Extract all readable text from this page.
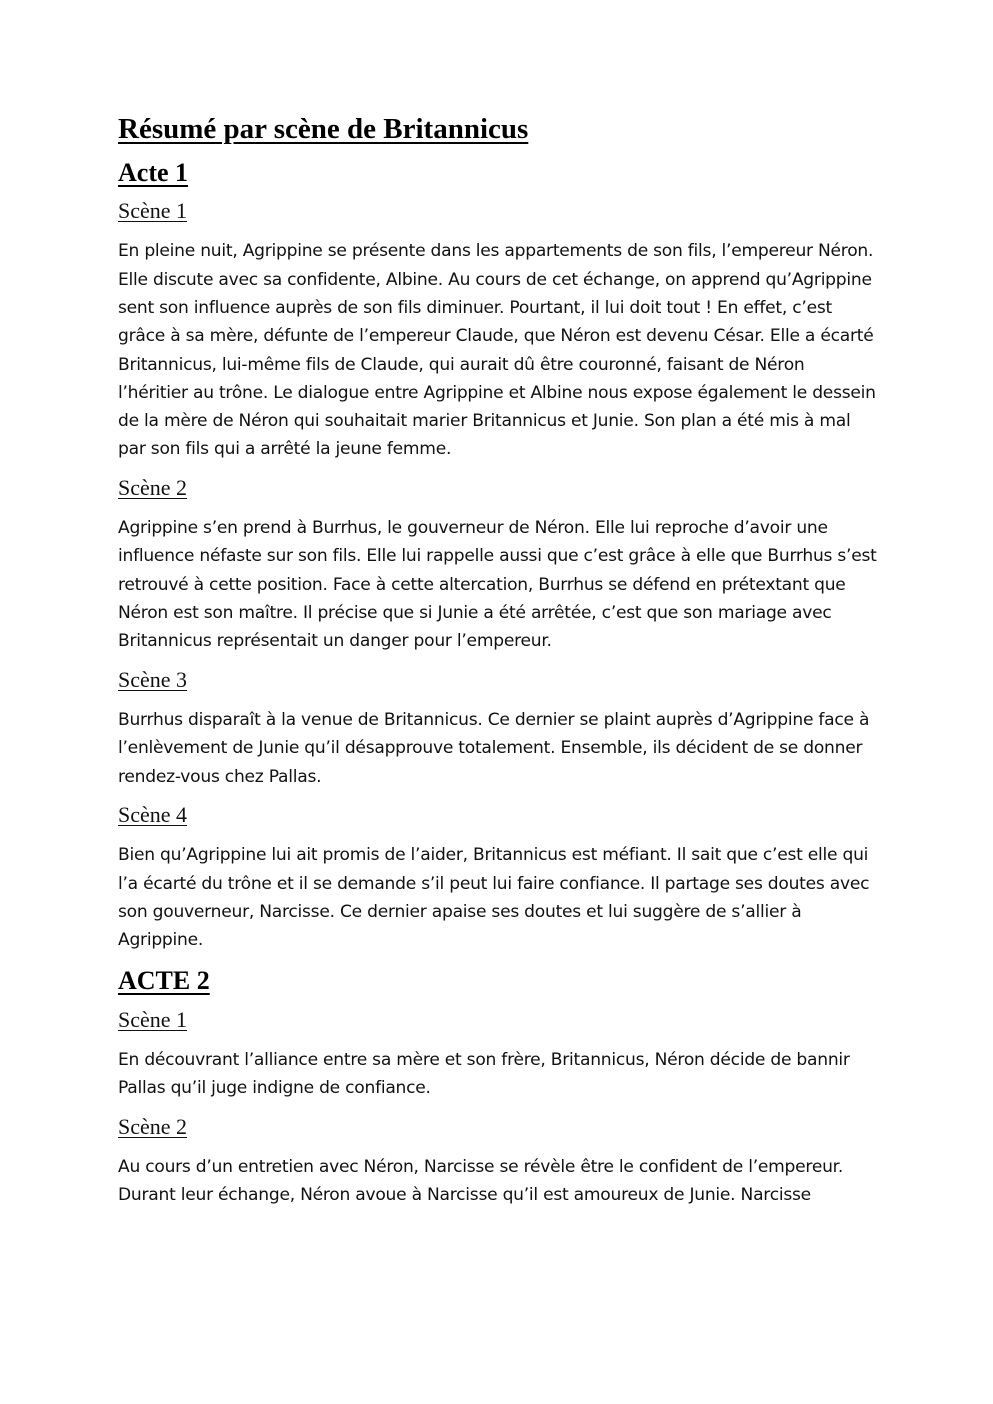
Résumé par scène de Britannicus
Acte 1
Scène 1

En pleine nuit, Agrippine se présente dans les appartements de son fils, l’empereur Néron. Elle discute avec sa confidente, Albine. Au cours de cet échange, on apprend qu’Agrippine sent son influence auprès de son fils diminuer. Pourtant, il lui doit tout ! En effet, c’est grâce à sa mère, défunte de l’empereur Claude, que Néron est devenu César. Elle a écarté Britannicus, lui-même fils de Claude, qui aurait dû être couronné, faisant de Néron l’héritier au trône. Le dialogue entre Agrippine et Albine nous expose également le dessein de la mère de Néron qui souhaitait marier Britannicus et Junie. Son plan a été mis à mal par son fils qui a arrêté la jeune femme.

Scène 2

Agrippine s’en prend à Burrhus, le gouverneur de Néron. Elle lui reproche d’avoir une influence néfaste sur son fils. Elle lui rappelle aussi que c’est grâce à elle que Burrhus s’est retrouvé à cette position. Face à cette altercation, Burrhus se défend en prétextant que Néron est son maître. Il précise que si Junie a été arrêtée, c’est que son mariage avec Britannicus représentait un danger pour l’empereur.

Scène 3

Burrhus disparaît à la venue de Britannicus. Ce dernier se plaint auprès d’Agrippine face à l’enlèvement de Junie qu’il désapprouve totalement. Ensemble, ils décident de se donner rendez-vous chez Pallas.

Scène 4

Bien qu’Agrippine lui ait promis de l’aider, Britannicus est méfiant. Il sait que c’est elle qui l’a écarté du trône et il se demande s’il peut lui faire confiance. Il partage ses doutes avec son gouverneur, Narcisse. Ce dernier apaise ses doutes et lui suggère de s’allier à Agrippine.

ACTE 2
Scène 1

En découvrant l’alliance entre sa mère et son frère, Britannicus, Néron décide de bannir Pallas qu’il juge indigne de confiance.

Scène 2

Au cours d’un entretien avec Néron, Narcisse se révèle être le confident de l’empereur. Durant leur échange, Néron avoue à Narcisse qu’il est amoureux de Junie. Narcisse
